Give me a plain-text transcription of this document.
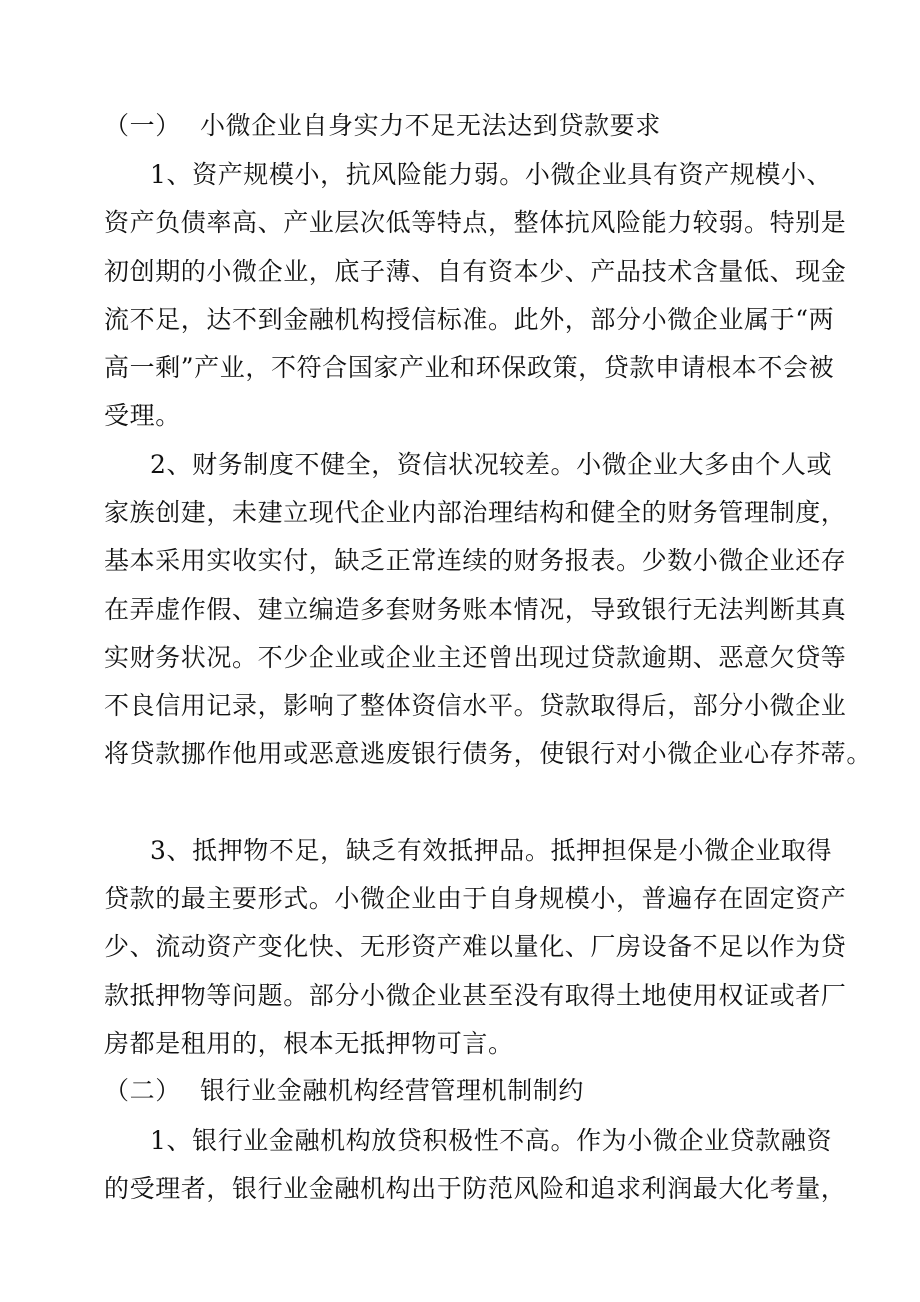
（一） 小微企业自身实力不足无法达到贷款要求
1、资产规模小，抗风险能力弱。小微企业具有资产规模小、
资产负债率高、产业层次低等特点，整体抗风险能力较弱。特别是
初创期的小微企业，底子薄、自有资本少、产品技术含量低、现金
流不足，达不到金融机构授信标准。此外，部分小微企业属于“两
高一剩”产业，不符合国家产业和环保政策，贷款申请根本不会被
受理。
2、财务制度不健全，资信状况较差。小微企业大多由个人或
家族创建，未建立现代企业内部治理结构和健全的财务管理制度，
基本采用实收实付，缺乏正常连续的财务报表。少数小微企业还存
在弄虚作假、建立编造多套财务账本情况，导致银行无法判断其真
实财务状况。不少企业或企业主还曾出现过贷款逾期、恶意欠贷等
不良信用记录，影响了整体资信水平。贷款取得后，部分小微企业
将贷款挪作他用或恶意逃废银行债务，使银行对小微企业心存芥蒂。
3、抵押物不足，缺乏有效抵押品。抵押担保是小微企业取得
贷款的最主要形式。小微企业由于自身规模小，普遍存在固定资产
少、流动资产变化快、无形资产难以量化、厂房设备不足以作为贷
款抵押物等问题。部分小微企业甚至没有取得土地使用权证或者厂
房都是租用的，根本无抵押物可言。
（二） 银行业金融机构经营管理机制制约
1、银行业金融机构放贷积极性不高。作为小微企业贷款融资
的受理者，银行业金融机构出于防范风险和追求利润最大化考量，
